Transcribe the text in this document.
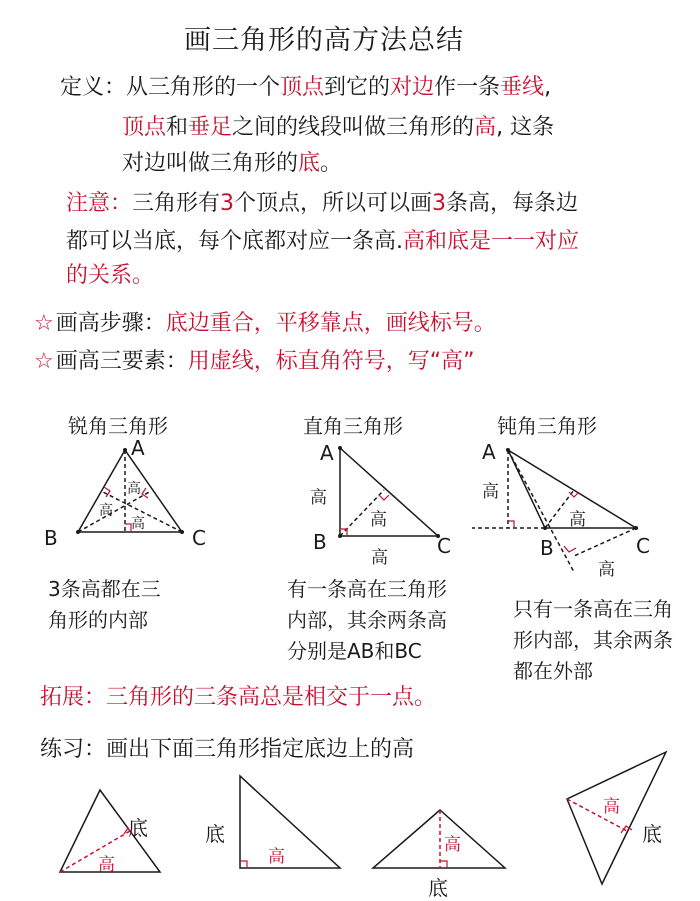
画三角形的高方法总结
定义：从三角形的一个顶点到它的对边作一条垂线,
顶点和垂足之间的线段叫做三角形的高, 这条
对边叫做三角形的底。
注意：三角形有3个顶点，所以可以画3条高，每条边
都可以当底，每个底都对应一条高.高和底是一一对应
的关系。
☆画高步骤：底边重合，平移靠点，画线标号。
☆画高三要素：用虚线，标直角符号，写“高”
锐角三角形	直角三角形	钝角三角形
A
B	C
高
高
高
A
B	C
高
高
高
A
B	C
高
高
高
3条高都在三
角形的内部
有一条高在三角形
内部，其余两条高
分别是AB和BC
只有一条高在三角
形内部，其余两条
都在外部
拓展：三角形的三条高总是相交于一点。
练习：画出下面三角形指定底边上的高
底
高
底
高
高
底
高
底
